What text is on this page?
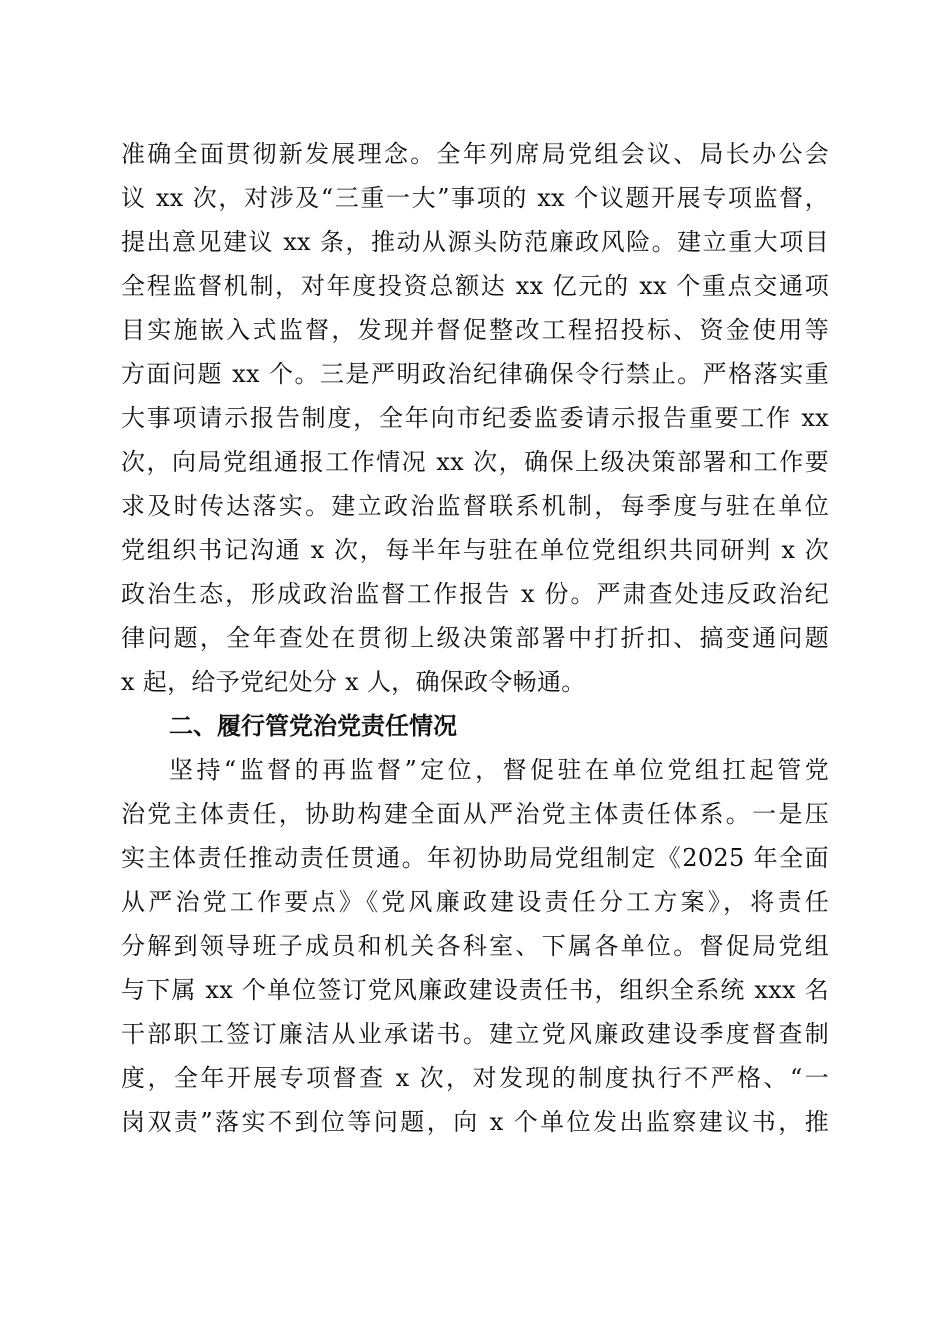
准确全面贯彻新发展理念。全年列席局党组会议、局长办公会
议 xx 次，对涉及“三重一大”事项的 xx 个议题开展专项监督，
提出意见建议 xx 条，推动从源头防范廉政风险。建立重大项目
全程监督机制，对年度投资总额达 xx 亿元的 xx 个重点交通项
目实施嵌入式监督，发现并督促整改工程招投标、资金使用等
方面问题 xx 个。三是严明政治纪律确保令行禁止。严格落实重
大事项请示报告制度，全年向市纪委监委请示报告重要工作 xx
次，向局党组通报工作情况 xx 次，确保上级决策部署和工作要
求及时传达落实。建立政治监督联系机制，每季度与驻在单位
党组织书记沟通 x 次，每半年与驻在单位党组织共同研判 x 次
政治生态，形成政治监督工作报告 x 份。严肃查处违反政治纪
律问题，全年查处在贯彻上级决策部署中打折扣、搞变通问题
x 起，给予党纪处分 x 人，确保政令畅通。
二、履行管党治党责任情况
坚持“监督的再监督”定位，督促驻在单位党组扛起管党
治党主体责任，协助构建全面从严治党主体责任体系。一是压
实主体责任推动责任贯通。年初协助局党组制定《2025 年全面
从严治党工作要点》《党风廉政建设责任分工方案》，将责任
分解到领导班子成员和机关各科室、下属各单位。督促局党组
与下属 xx 个单位签订党风廉政建设责任书，组织全系统 xxx 名
干部职工签订廉洁从业承诺书。建立党风廉政建设季度督查制
度，全年开展专项督查 x 次，对发现的制度执行不严格、“一
岗双责”落实不到位等问题，向 x 个单位发出监察建议书，推
